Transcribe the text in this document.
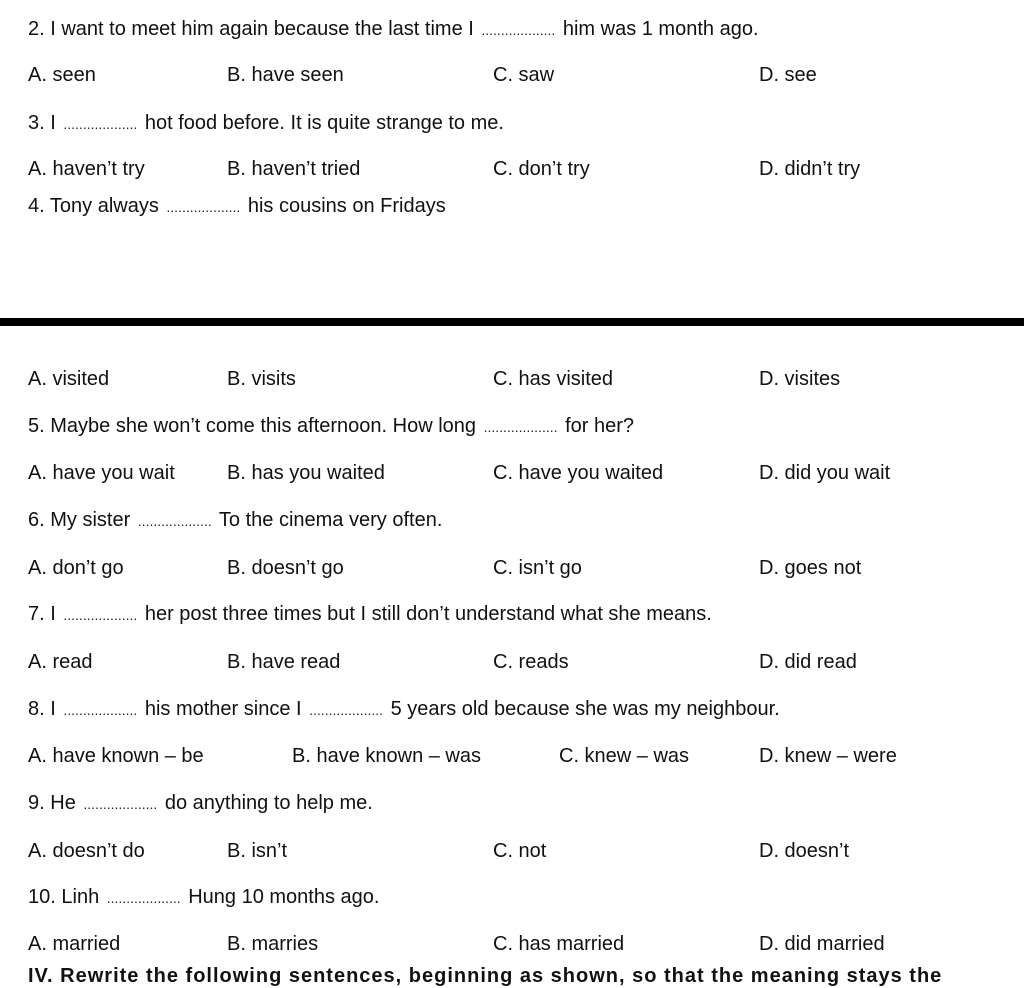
2. I want to meet him again because the last time I ................... him was 1 month ago.
A. seen	B. have seen	C. saw	D. see
3. I ................... hot food before. It is quite strange to me.
A. haven’t try	B. haven’t tried	C. don’t try	D. didn’t try
4. Tony always ................... his cousins on Fridays
A. visited	B. visits	C. has visited	D. visites
5. Maybe she won’t come this afternoon. How long ................... for her?
A. have you wait	B. has you waited	C. have you waited	D. did you wait
6. My sister ................... To the cinema very often.
A. don’t go	B. doesn’t go	C. isn’t go	D. goes not
7. I ................... her post three times but I still don’t understand what she means.
A. read	B. have read	C. reads	D. did read
8. I ................... his mother since I ................... 5 years old because she was my neighbour.
A. have known – be	B. have known – was	C. knew – was	D. knew – were
9. He ................... do anything to help me.
A. doesn’t do	B. isn’t	C. not	D. doesn’t
10. Linh ................... Hung 10 months ago.
A. married	B. marries	C. has married	D. did married
IV. Rewrite the following sentences, beginning as shown, so that the meaning stays the
